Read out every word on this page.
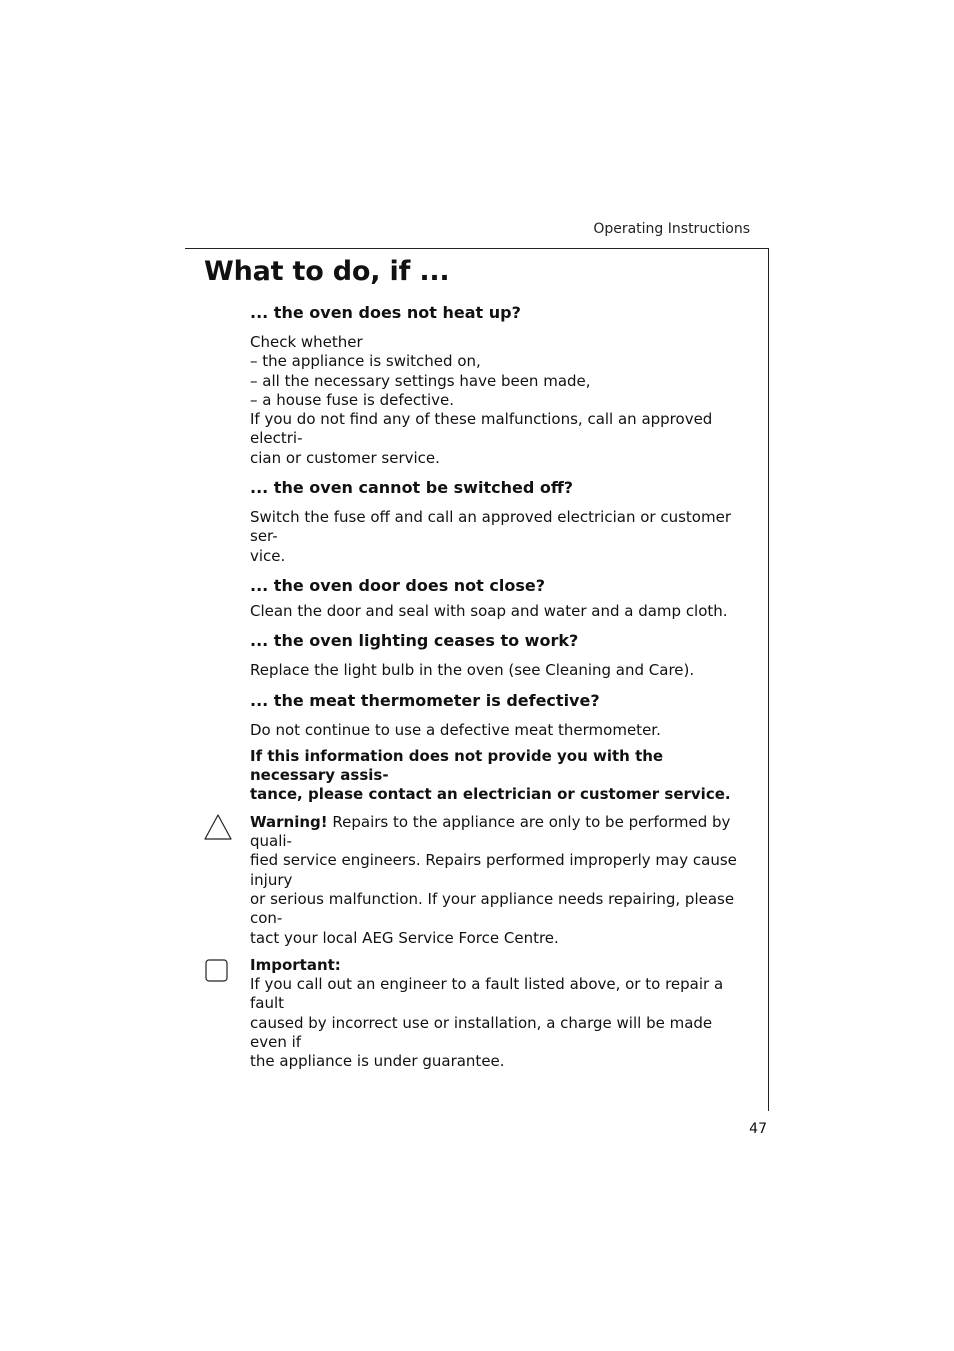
Operating Instructions
What to do, if ...
... the oven does not heat up?

Check whether
– the appliance is switched on,
– all the necessary settings have been made,
– a house fuse is defective.
If you do not find any of these malfunctions, call an approved electri-
cian or customer service.

... the oven cannot be switched off?

Switch the fuse off and call an approved electrician or customer ser-
vice.

... the oven door does not close?

Clean the door and seal with soap and water and a damp cloth.

... the oven lighting ceases to work?

Replace the light bulb in the oven (see Cleaning and Care).

... the meat thermometer is defective?

Do not continue to use a defective meat thermometer.

If this information does not provide you with the necessary assis-
tance, please contact an electrician or customer service.

Warning! Repairs to the appliance are only to be performed by quali-
fied service engineers. Repairs performed improperly may cause injury
or serious malfunction. If your appliance needs repairing, please con-
tact your local AEG Service Force Centre.

Important:
If you call out an engineer to a fault listed above, or to repair a fault
caused by incorrect use or installation, a charge will be made even if
the appliance is under guarantee.

47
